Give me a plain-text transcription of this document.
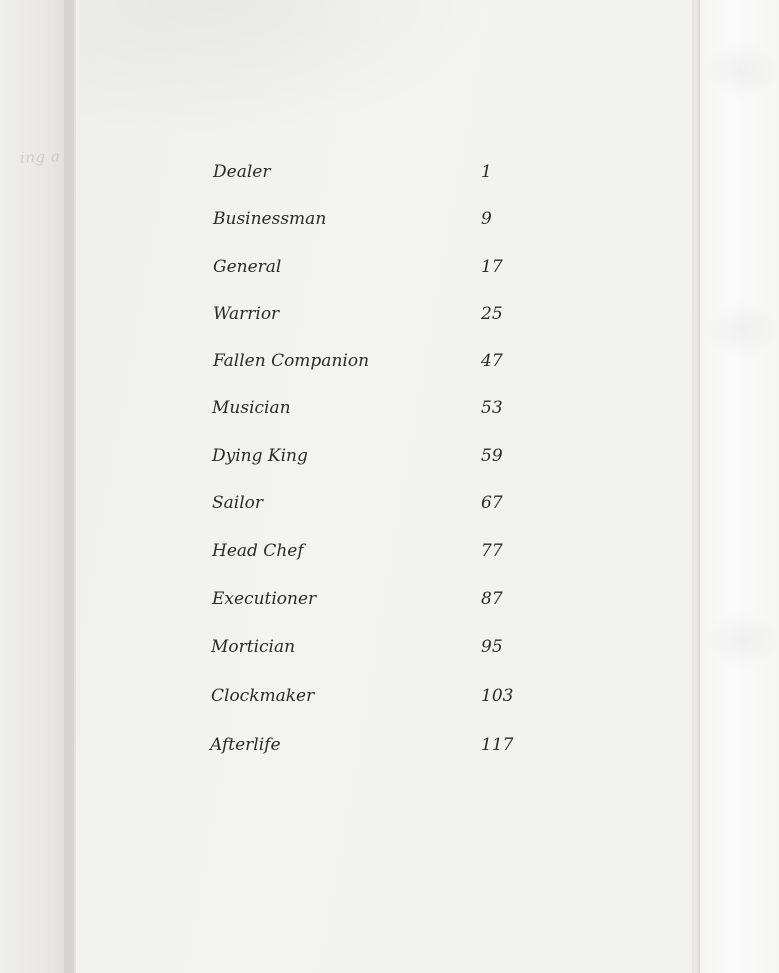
ing a
Dealer	1
Businessman	9
General	17
Warrior	25
Fallen Companion	47
Musician	53
Dying King	59
Sailor	67
Head Chef	77
Executioner	87
Mortician	95
Clockmaker	103
Afterlife	117
